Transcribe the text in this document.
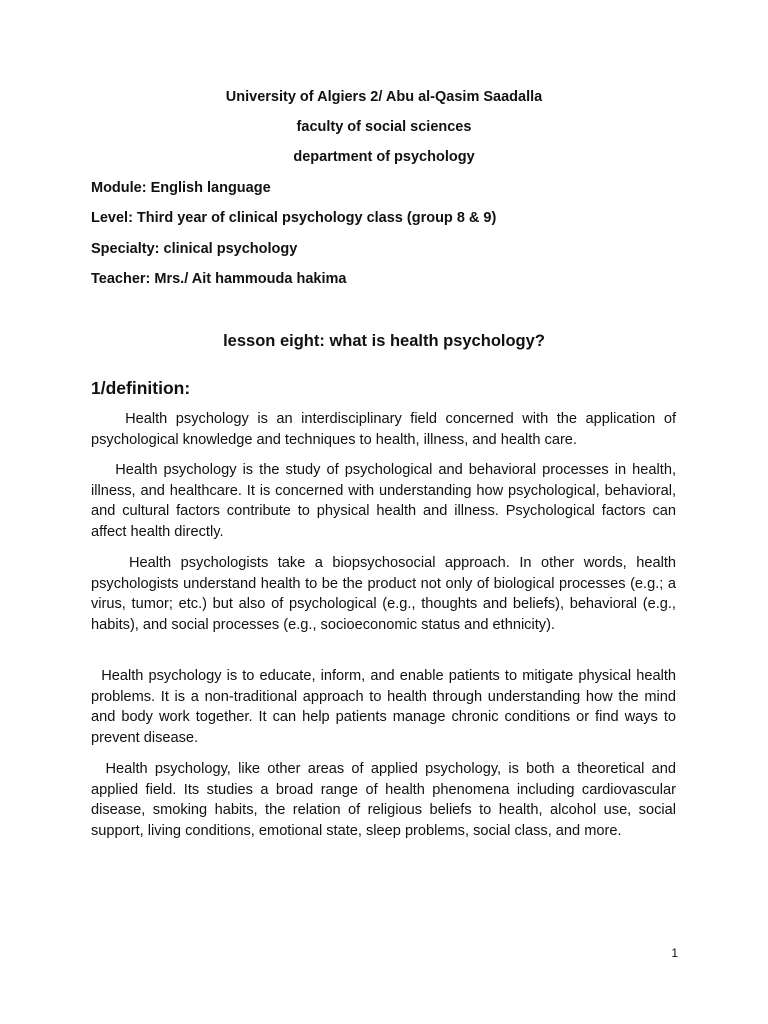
University of Algiers 2/ Abu al-Qasim Saadalla
faculty of social sciences
department of psychology
Module: English language
Level: Third year of clinical psychology class (group 8 & 9)
Specialty: clinical psychology
Teacher: Mrs./ Ait hammouda hakima
lesson eight: what is health psychology?
1/definition:

Health psychology is an interdisciplinary field concerned with the application of psychological knowledge and techniques to health, illness, and health care.

Health psychology is the study of psychological and behavioral processes in health, illness, and healthcare. It is concerned with understanding how psychological, behavioral, and cultural factors contribute to physical health and illness. Psychological factors can affect health directly.

Health psychologists take a biopsychosocial approach. In other words, health psychologists understand health to be the product not only of biological processes (e.g.; a virus, tumor; etc.) but also of psychological (e.g., thoughts and beliefs), behavioral (e.g., habits), and social processes (e.g., socioeconomic status and ethnicity).

Health psychology is to educate, inform, and enable patients to mitigate physical health problems. It is a non-traditional approach to health through understanding how the mind and body work together. It can help patients manage chronic conditions or find ways to prevent disease.

Health psychology, like other areas of applied psychology, is both a theoretical and applied field. Its studies a broad range of health phenomena including cardiovascular disease, smoking habits, the relation of religious beliefs to health, alcohol use, social support, living conditions, emotional state, sleep problems, social class, and more.

1
